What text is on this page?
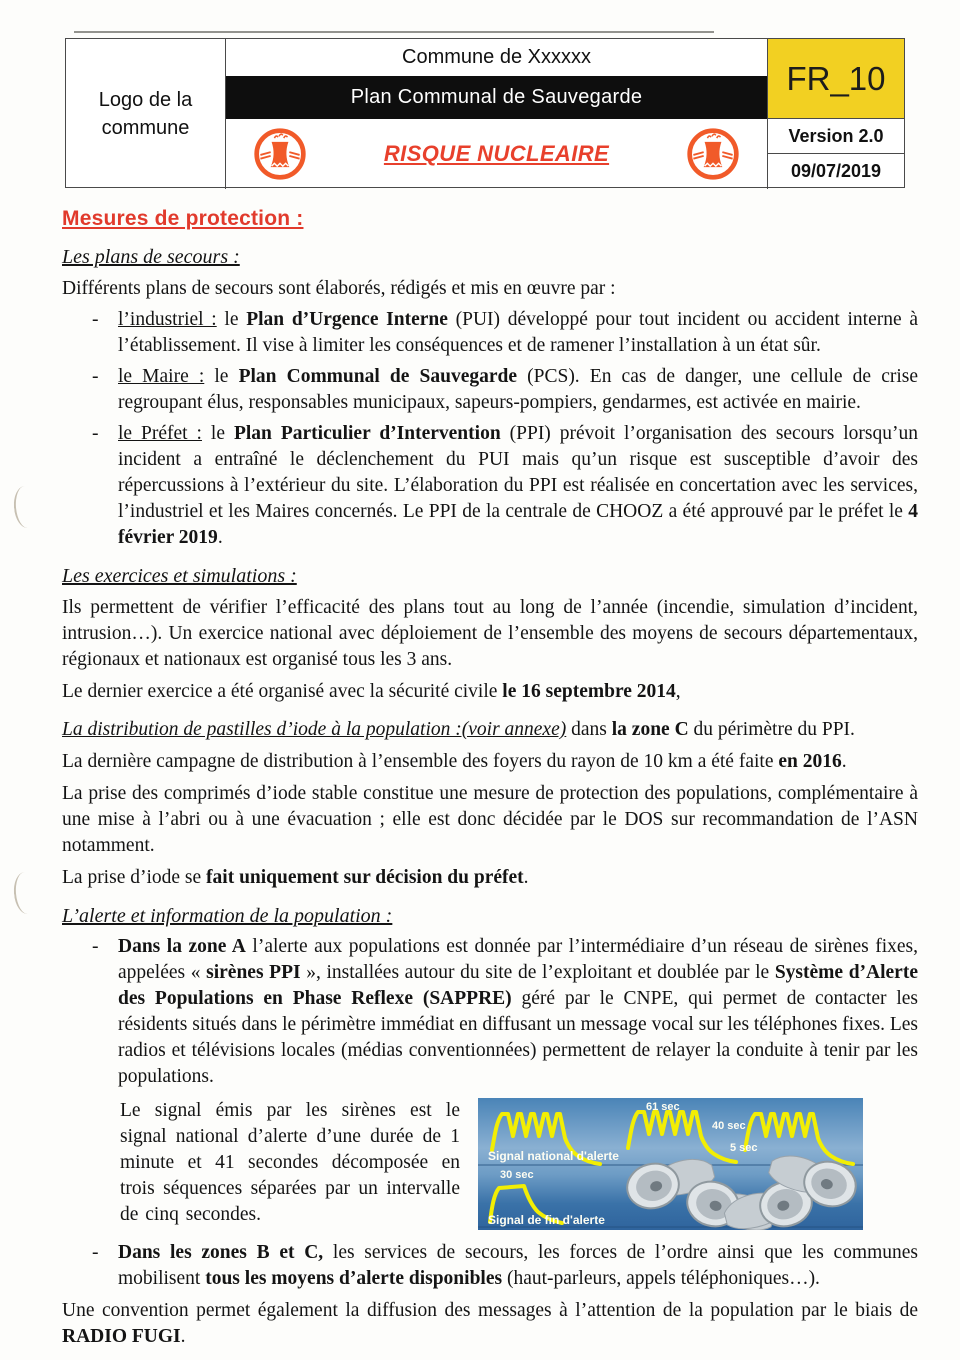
Logo de la commune
Commune de Xxxxxx
Plan Communal de Sauvegarde
RISQUE NUCLEAIRE
FR_10
Version 2.0
09/07/2019
Mesures de protection :
Les plans de secours :

Différents plans de secours sont élaborés, rédigés et mis en œuvre par :

-	l’industriel : le Plan d’Urgence Interne (PUI) développé pour tout incident ou accident interne à l’établissement. Il vise à limiter les conséquences et de ramener l’installation à un état sûr.
-	le Maire : le Plan Communal de Sauvegarde (PCS). En cas de danger, une cellule de crise regroupant élus, responsables municipaux, sapeurs-pompiers, gendarmes, est activée en mairie.
-	le Préfet : le Plan Particulier d’Intervention (PPI) prévoit l’organisation des secours lorsqu’un incident a entraîné le déclenchement du PUI mais qu’un risque est susceptible d’avoir des répercussions à l’extérieur du site. L’élaboration du PPI est réalisée en concertation avec les services, l’industriel et les Maires concernés. Le PPI de la centrale de CHOOZ a été approuvé par le préfet le 4 février 2019.
Les exercices et simulations :

Ils permettent de vérifier l’efficacité des plans tout au long de l’année (incendie, simulation d’incident, intrusion…). Un exercice national avec déploiement de l’ensemble des moyens de secours départementaux, régionaux et nationaux est organisé tous les 3 ans.

Le dernier exercice a été organisé avec la sécurité civile le 16 septembre 2014,

La distribution de pastilles d’iode à la population :(voir annexe) dans la zone C du périmètre du PPI.

La dernière campagne de distribution à l’ensemble des foyers du rayon de 10 km a été faite en 2016.

La prise des comprimés d’iode stable constitue une mesure de protection des populations, complémentaire à une mise à l’abri ou à une évacuation ; elle est donc décidée par le DOS sur recommandation de l’ASN notamment.

La prise d’iode se fait uniquement sur décision du préfet.

L’alerte et information de la population :
-	Dans la zone A l’alerte aux populations est donnée par l’intermédiaire d’un réseau de sirènes fixes, appelées « sirènes PPI », installées autour du site de l’exploitant et doublée par le Système d’Alerte des Populations en Phase Reflexe (SAPPRE) géré par le CNPE, qui permet de contacter les résidents situés dans le périmètre immédiat en diffusant un message vocal sur les téléphones fixes. Les radios et télévisions locales (médias conventionnées) permettent de relayer la conduite à tenir par les populations.
Le signal émis par les sirènes est le signal national d’alerte d’une durée de 1 minute et 41 secondes décomposée en trois séquences séparées par un intervalle de cinq secondes.
61 sec
40 sec
5 sec
Signal national d'alerte
30 sec
Signal de fin d'alerte
-	Dans les zones B et C, les services de secours, les forces de l’ordre ainsi que les communes mobilisent tous les moyens d’alerte disponibles (haut-parleurs, appels téléphoniques…).

Une convention permet également la diffusion des messages à l’attention de la population par le biais de RADIO FUGI.
